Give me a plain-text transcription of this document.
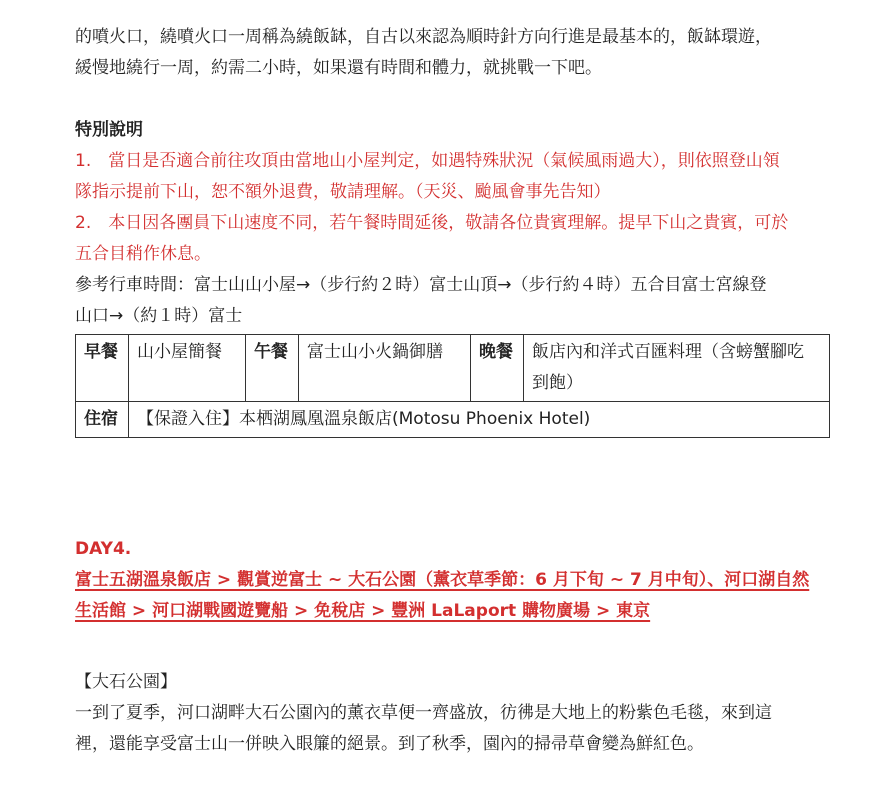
的噴火口，繞噴火口一周稱為繞飯缽，自古以來認為順時針方向行進是最基本的，飯缽環遊，

緩慢地繞行一周，約需二小時，如果還有時間和體力，就挑戰一下吧。

特別說明

1.　當日是否適合前往攻頂由當地山小屋判定，如遇特殊狀況（氣候風雨過大），則依照登山領

隊指示提前下山，恕不額外退費，敬請理解。（天災、颱風會事先告知）

2.　本日因各團員下山速度不同，若午餐時間延後，敬請各位貴賓理解。提早下山之貴賓，可於

五合目稍作休息。

參考行車時間：富士山山小屋→（步行約２時）富士山頂→（步行約４時）五合目富士宮線登

山口→（約１時）富士

早餐	山小屋簡餐	午餐	富士山小火鍋御膳	晚餐	飯店內和洋式百匯料理（含螃蟹腳吃
到飽）

住宿	【保證入住】本栖湖鳳凰溫泉飯店(Motosu Phoenix Hotel)				

DAY4.

富士五湖溫泉飯店 > 觀賞逆富士 ~ 大石公園（薰衣草季節：6 月下旬 ~ 7 月中旬）、河口湖自然

生活館 > 河口湖戰國遊覽船 > 免稅店 > 豐洲 LaLaport 購物廣場 > 東京

【大石公園】

一到了夏季，河口湖畔大石公園內的薰衣草便一齊盛放，彷彿是大地上的粉紫色毛毯，來到這

裡，還能享受富士山一併映入眼簾的絕景。到了秋季，園內的掃帚草會變為鮮紅色。
